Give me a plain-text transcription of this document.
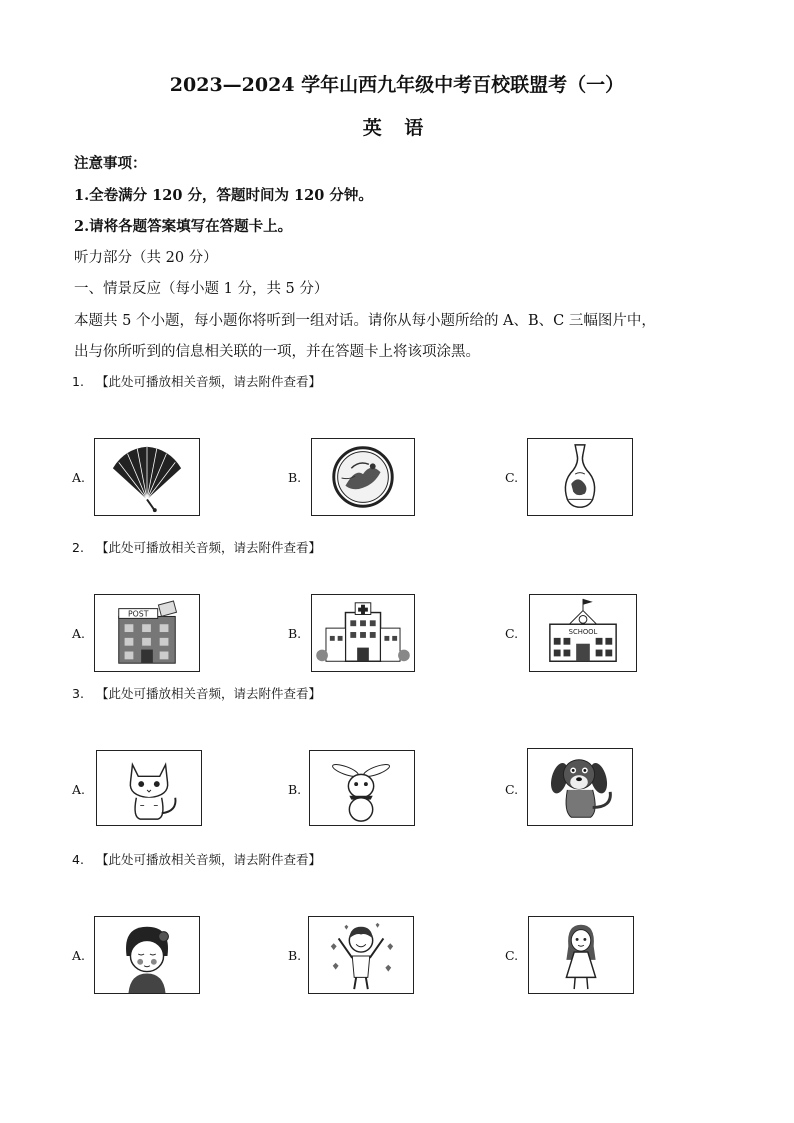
2023—2024 学年山西九年级中考百校联盟考（一）
英 语
注意事项：
1.全卷满分 120 分，答题时间为 120 分钟。
2.请将各题答案填写在答题卡上。
听力部分（共 20 分）
一、情景反应（每小题 1 分，共 5 分）
本题共 5 个小题，每小题你将听到一组对话。请你从每小题所给的 A、B、C 三幅图片中，
出与你所听到的信息相关联的一项，并在答题卡上将该项涂黑。
1. 【此处可播放相关音频，请去附件查看】
A.	B.	C.
2. 【此处可播放相关音频，请去附件查看】
A.
POST
B.	C.	SCHOOL
3. 【此处可播放相关音频，请去附件查看】
A.	B.	C.
4. 【此处可播放相关音频，请去附件查看】
A.	B.	C.
